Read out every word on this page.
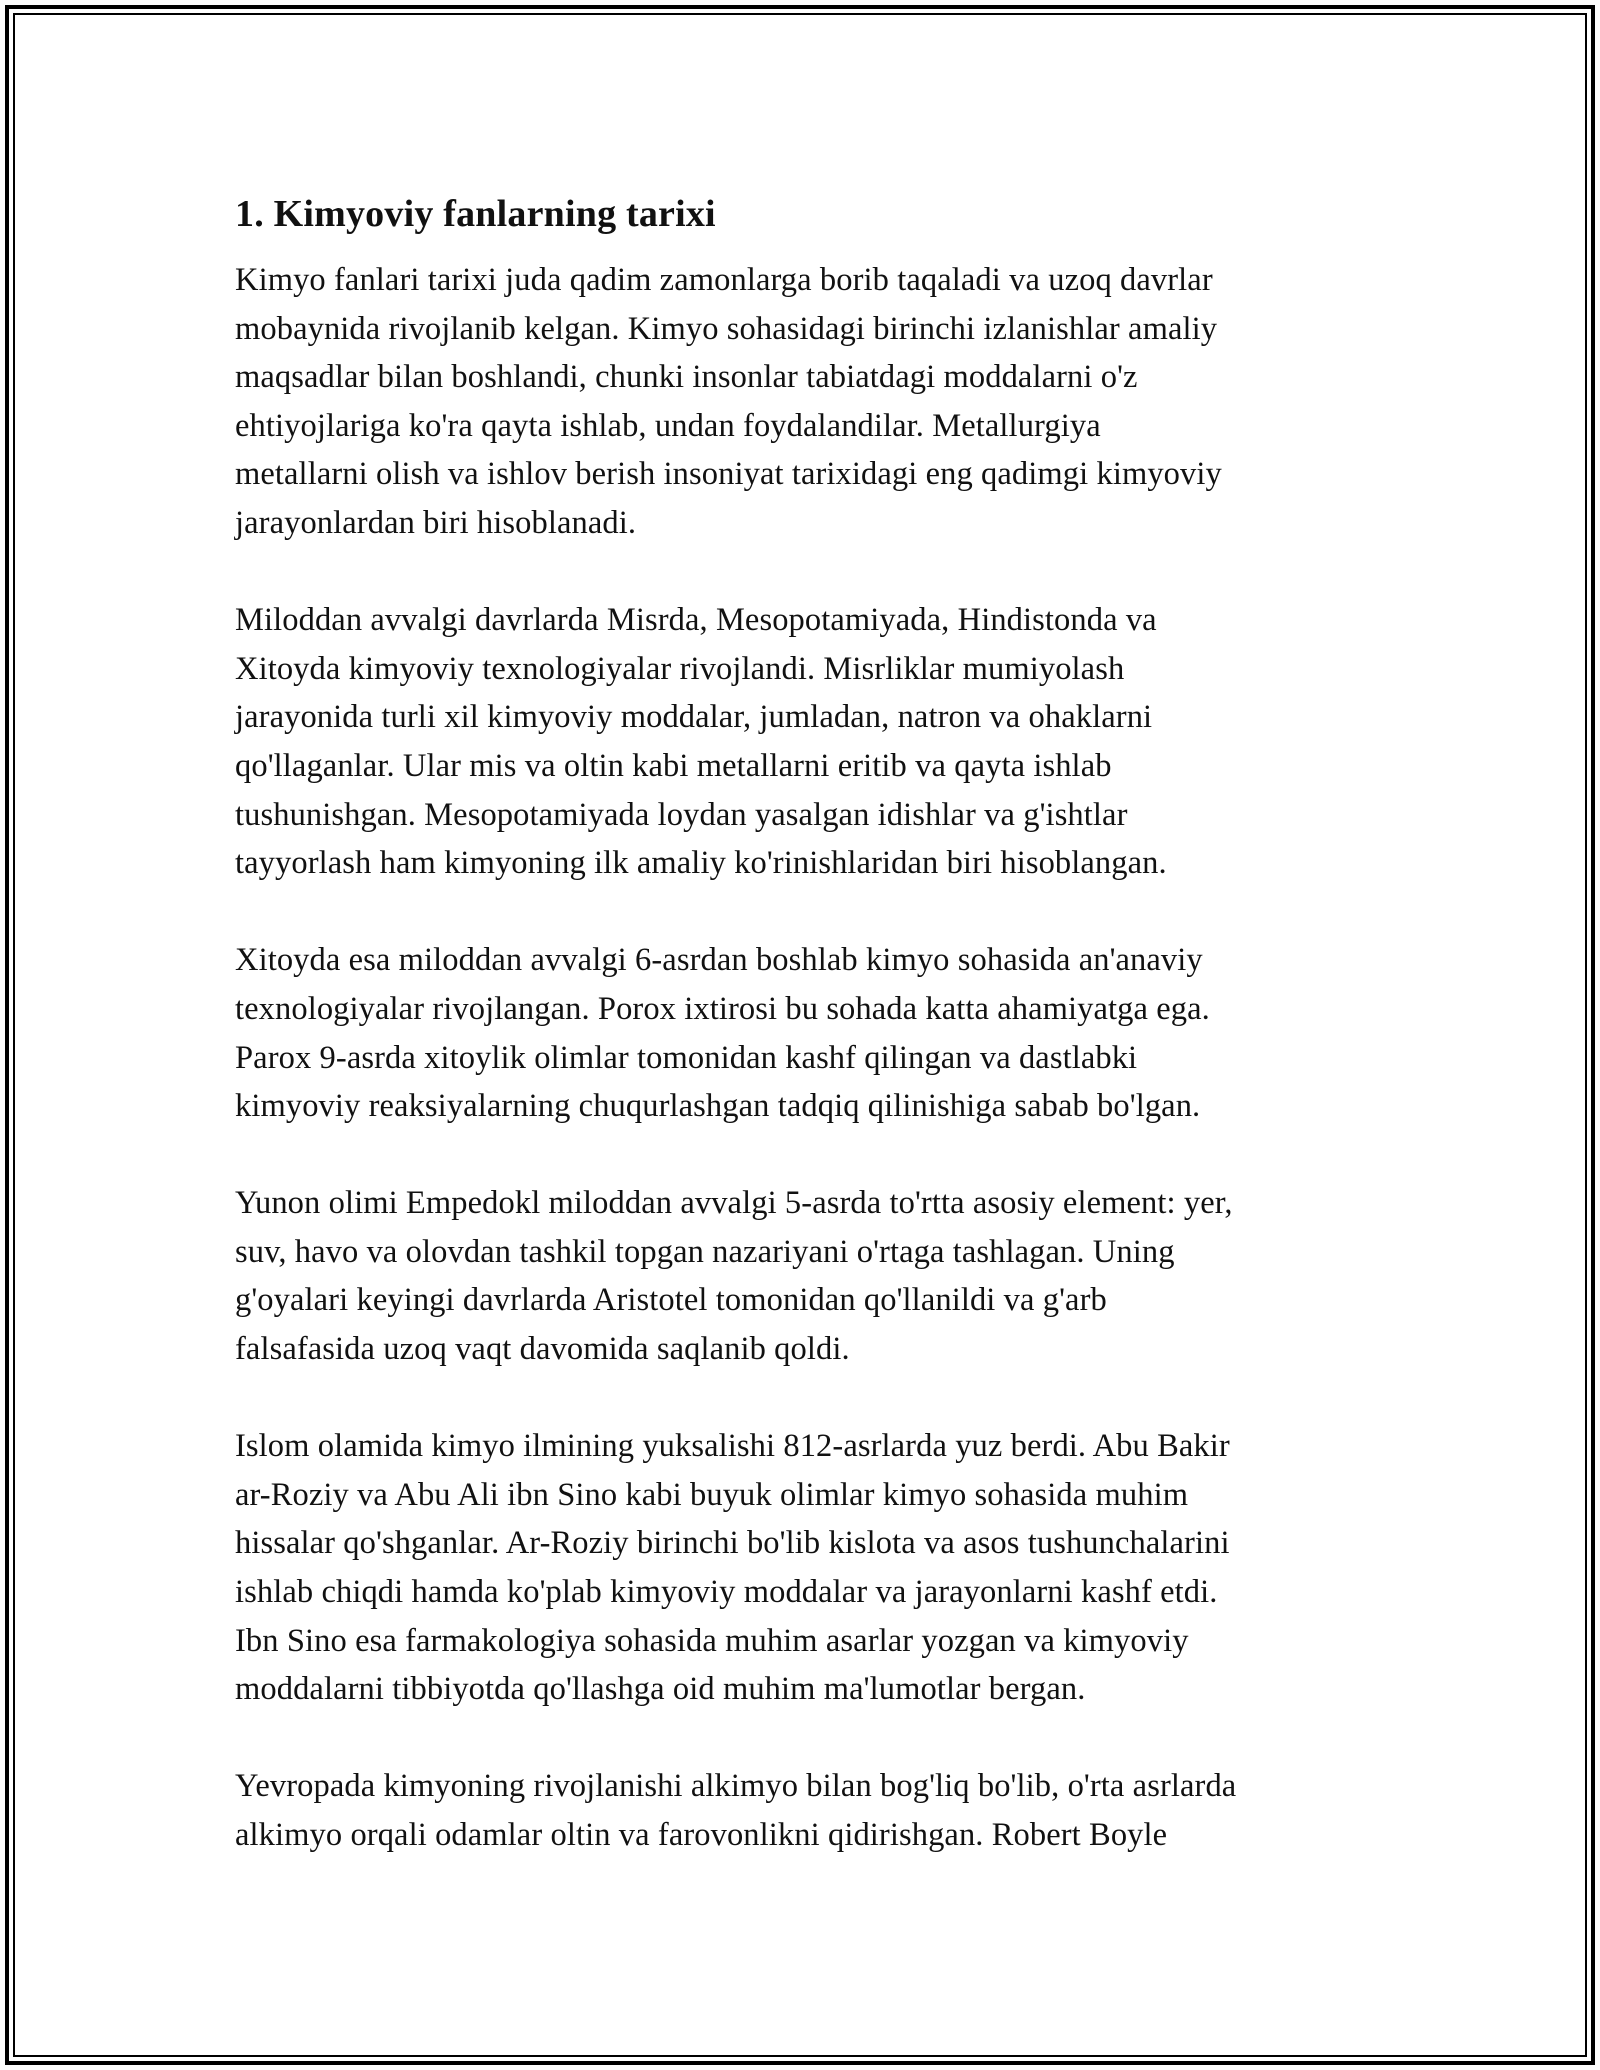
1. Kimyoviy fanlarning tarixi

Kimyo fanlari tarixi juda qadim zamonlarga borib taqaladi va uzoq davrlar
mobaynida rivojlanib kelgan. Kimyo sohasidagi birinchi izlanishlar amaliy
maqsadlar bilan boshlandi, chunki insonlar tabiatdagi moddalarni o'z
ehtiyojlariga ko'ra qayta ishlab, undan foydalandilar. Metallurgiya
metallarni olish va ishlov berish insoniyat tarixidagi eng qadimgi kimyoviy
jarayonlardan biri hisoblanadi.

Miloddan avvalgi davrlarda Misrda, Mesopotamiyada, Hindistonda va
Xitoyda kimyoviy texnologiyalar rivojlandi. Misrliklar mumiyolash
jarayonida turli xil kimyoviy moddalar, jumladan, natron va ohaklarni
qo'llaganlar. Ular mis va oltin kabi metallarni eritib va qayta ishlab
tushunishgan. Mesopotamiyada loydan yasalgan idishlar va g'ishtlar
tayyorlash ham kimyoning ilk amaliy ko'rinishlaridan biri hisoblangan.

Xitoyda esa miloddan avvalgi 6-asrdan boshlab kimyo sohasida an'anaviy
texnologiyalar rivojlangan. Porox ixtirosi bu sohada katta ahamiyatga ega.
Parox 9-asrda xitoylik olimlar tomonidan kashf qilingan va dastlabki
kimyoviy reaksiyalarning chuqurlashgan tadqiq qilinishiga sabab bo'lgan.

Yunon olimi Empedokl miloddan avvalgi 5-asrda to'rtta asosiy element: yer,
suv, havo va olovdan tashkil topgan nazariyani o'rtaga tashlagan. Uning
g'oyalari keyingi davrlarda Aristotel tomonidan qo'llanildi va g'arb
falsafasida uzoq vaqt davomida saqlanib qoldi.

Islom olamida kimyo ilmining yuksalishi 812-asrlarda yuz berdi. Abu Bakir
ar-Roziy va Abu Ali ibn Sino kabi buyuk olimlar kimyo sohasida muhim
hissalar qo'shganlar. Ar-Roziy birinchi bo'lib kislota va asos tushunchalarini
ishlab chiqdi hamda ko'plab kimyoviy moddalar va jarayonlarni kashf etdi.
Ibn Sino esa farmakologiya sohasida muhim asarlar yozgan va kimyoviy
moddalarni tibbiyotda qo'llashga oid muhim ma'lumotlar bergan.

Yevropada kimyoning rivojlanishi alkimyo bilan bog'liq bo'lib, o'rta asrlarda
alkimyo orqali odamlar oltin va farovonlikni qidirishgan. Robert Boyle
